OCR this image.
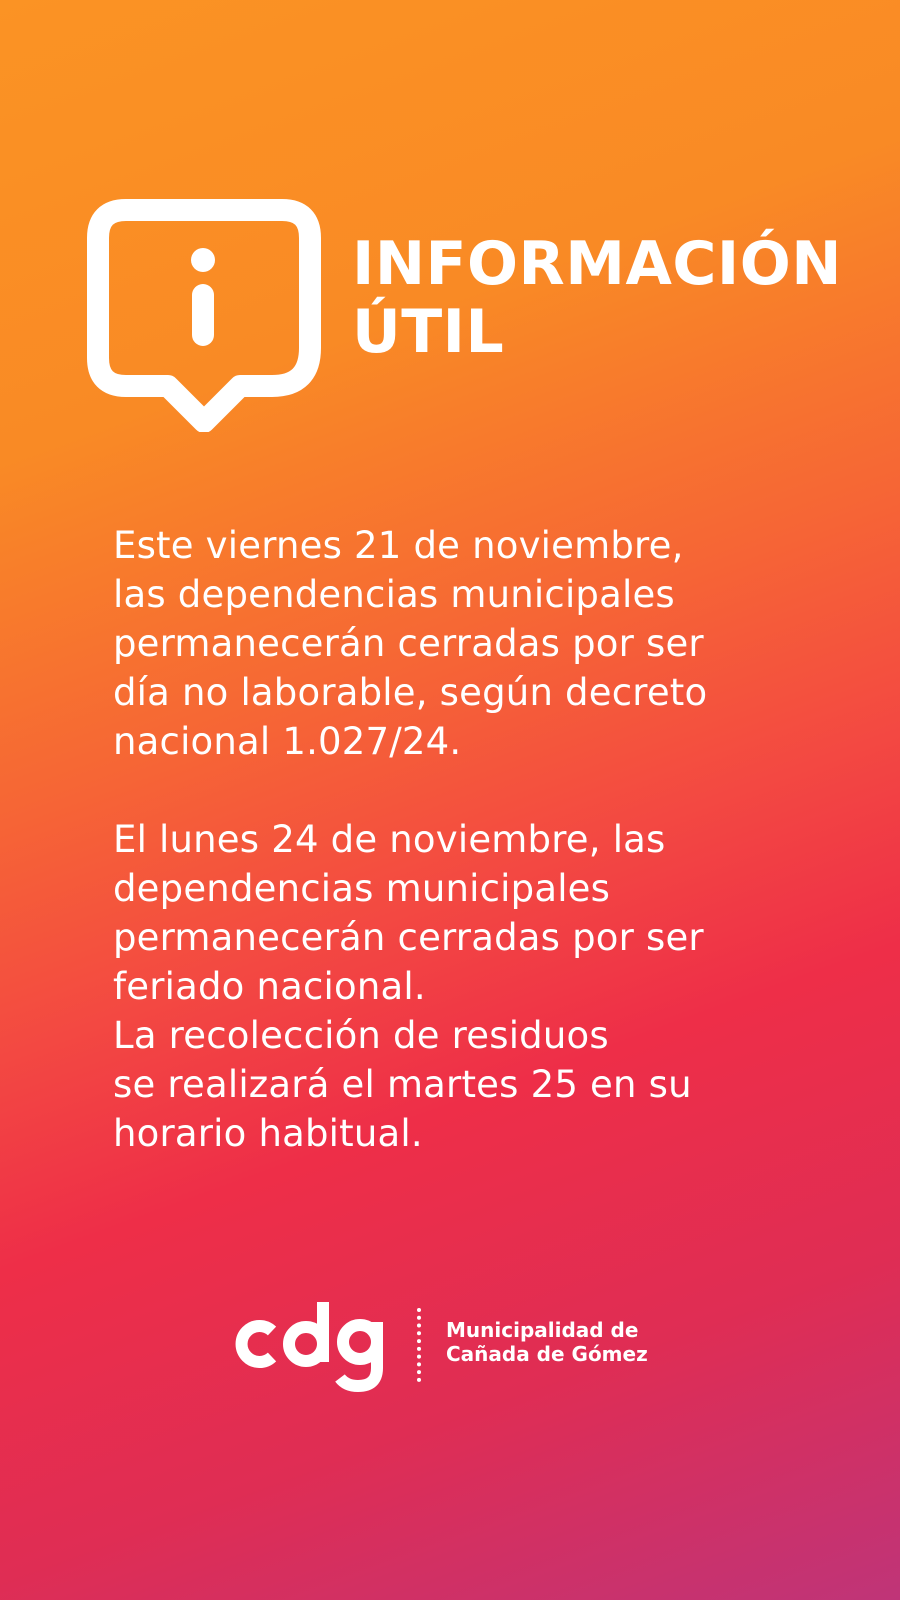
INFORMACIÓN
ÚTIL

Este viernes 21 de noviembre,
las dependencias municipales
permanecerán cerradas por ser
día no laborable, según decreto
nacional 1.027/24.

El lunes 24 de noviembre, las
dependencias municipales
permanecerán cerradas por ser
feriado nacional.
La recolección de residuos
se realizará el martes 25 en su
horario habitual.

Municipalidad de
Cañada de Gómez
